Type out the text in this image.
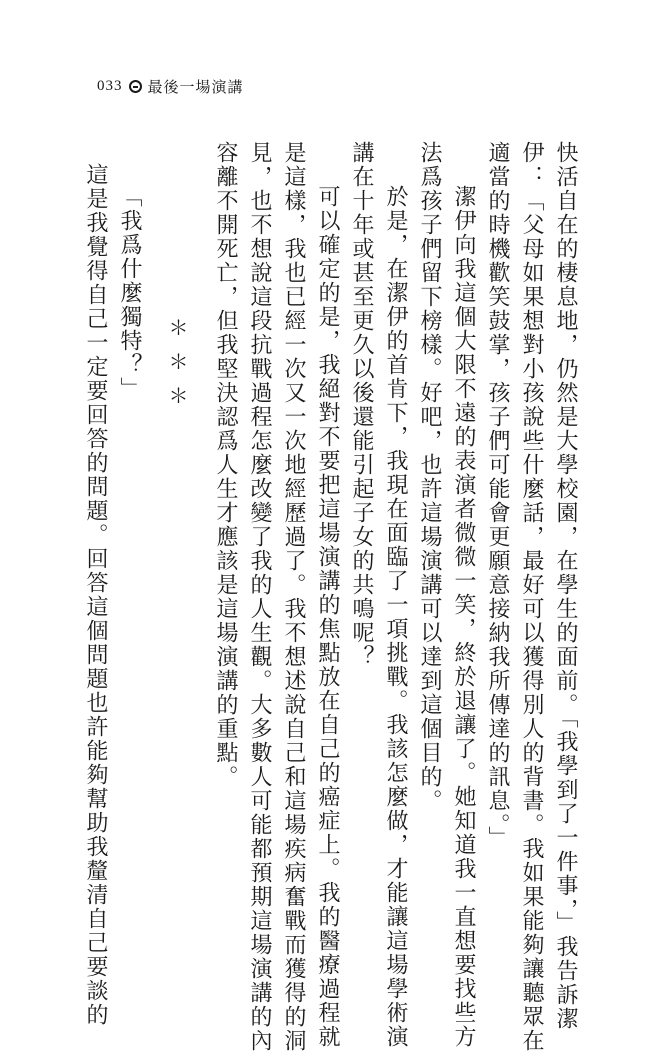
033 最後一場演講
快活自在的棲息地，仍然是大學校園，在學生的面前。「我學到了一件事，」我告訴潔
伊：「父母如果想對小孩說些什麼話，最好可以獲得別人的背書。我如果能夠讓聽眾在
適當的時機歡笑鼓掌，孩子們可能會更願意接納我所傳達的訊息。」
潔伊向我這個大限不遠的表演者微微一笑，終於退讓了。她知道我一直想要找些方
法爲孩子們留下榜樣。好吧，也許這場演講可以達到這個目的。
於是，在潔伊的首肯下，我現在面臨了一項挑戰。我該怎麼做，才能讓這場學術演
講在十年或甚至更久以後還能引起子女的共鳴呢？
可以確定的是，我絕對不要把這場演講的焦點放在自己的癌症上。我的醫療過程就
是這樣，我也已經一次又一次地經歷過了。我不想述說自己和這場疾病奮戰而獲得的洞
見，也不想說這段抗戰過程怎麼改變了我的人生觀。大多數人可能都預期這場演講的內
容離不開死亡，但我堅決認爲人生才應該是這場演講的重點。
＊＊＊
「我爲什麼獨特？」
這是我覺得自己一定要回答的問題。回答這個問題也許能夠幫助我釐清自己要談的
